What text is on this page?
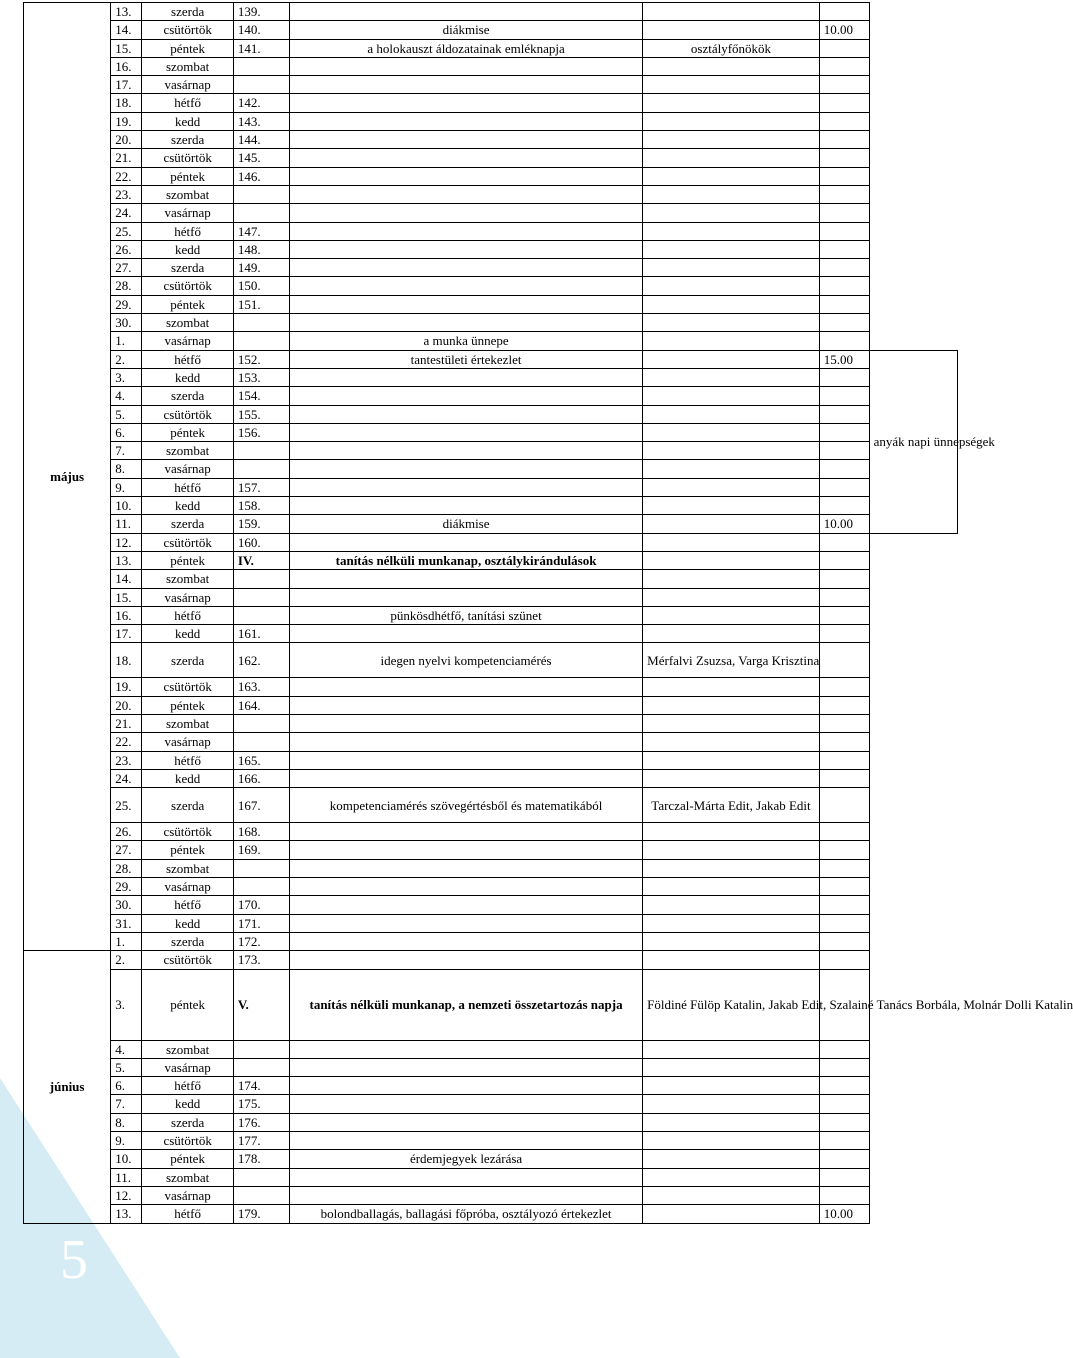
5
május	13.	szerda	139.				
	14.	csütörtök	140.	diákmise		10.00	
	15.	péntek	141.	a holokauszt áldozatainak emléknapja	osztályfőnökök		
	16.	szombat					
	17.	vasárnap					
	18.	hétfő	142.				
	19.	kedd	143.				
	20.	szerda	144.				
	21.	csütörtök	145.				
	22.	péntek	146.				
	23.	szombat					
	24.	vasárnap					
	25.	hétfő	147.				
	26.	kedd	148.				
	27.	szerda	149.				
	28.	csütörtök	150.				
	29.	péntek	151.				
	30.	szombat					
	1.	vasárnap		a munka ünnepe			
	2.	hétfő	152.	tantestületi értekezlet		15.00	anyák napi ünnepségek
	3.	kedd	153.				
	4.	szerda	154.				
	5.	csütörtök	155.				
	6.	péntek	156.				
	7.	szombat					
	8.	vasárnap					
	9.	hétfő	157.				
	10.	kedd	158.				
	11.	szerda	159.	diákmise		10.00	
	12.	csütörtök	160.				
	13.	péntek	IV.	tanítás nélküli munkanap, osztálykirándulások			
	14.	szombat					
	15.	vasárnap					
	16.	hétfő		pünkösdhétfő, tanítási szünet			
	17.	kedd	161.				
	18.	szerda	162.	idegen nyelvi kompetenciamérés	Mérfalvi Zsuzsa, Varga Krisztina		
	19.	csütörtök	163.				
	20.	péntek	164.				
	21.	szombat					
	22.	vasárnap					
	23.	hétfő	165.				
	24.	kedd	166.				
	25.	szerda	167.	kompetenciamérés szövegértésből és matematikából	Tarczal-Márta Edit, Jakab Edit		
	26.	csütörtök	168.				
	27.	péntek	169.				
	28.	szombat					
	29.	vasárnap					
	30.	hétfő	170.				
	31.	kedd	171.				
	1.	szerda	172.				
június	2.	csütörtök	173.				
	3.	péntek	V.	tanítás nélküli munkanap, a nemzeti összetartozás napja	Földiné Fülöp Katalin, Jakab Edit, Szalainé Tanács Borbála, Molnár Dolli Katalin		
	4.	szombat					
	5.	vasárnap					
	6.	hétfő	174.				
	7.	kedd	175.				
	8.	szerda	176.				
	9.	csütörtök	177.				
	10.	péntek	178.	érdemjegyek lezárása			
	11.	szombat					
	12.	vasárnap					
	13.	hétfő	179.	bolondballagás, ballagási főpróba, osztályozó értekezlet		10.00	
